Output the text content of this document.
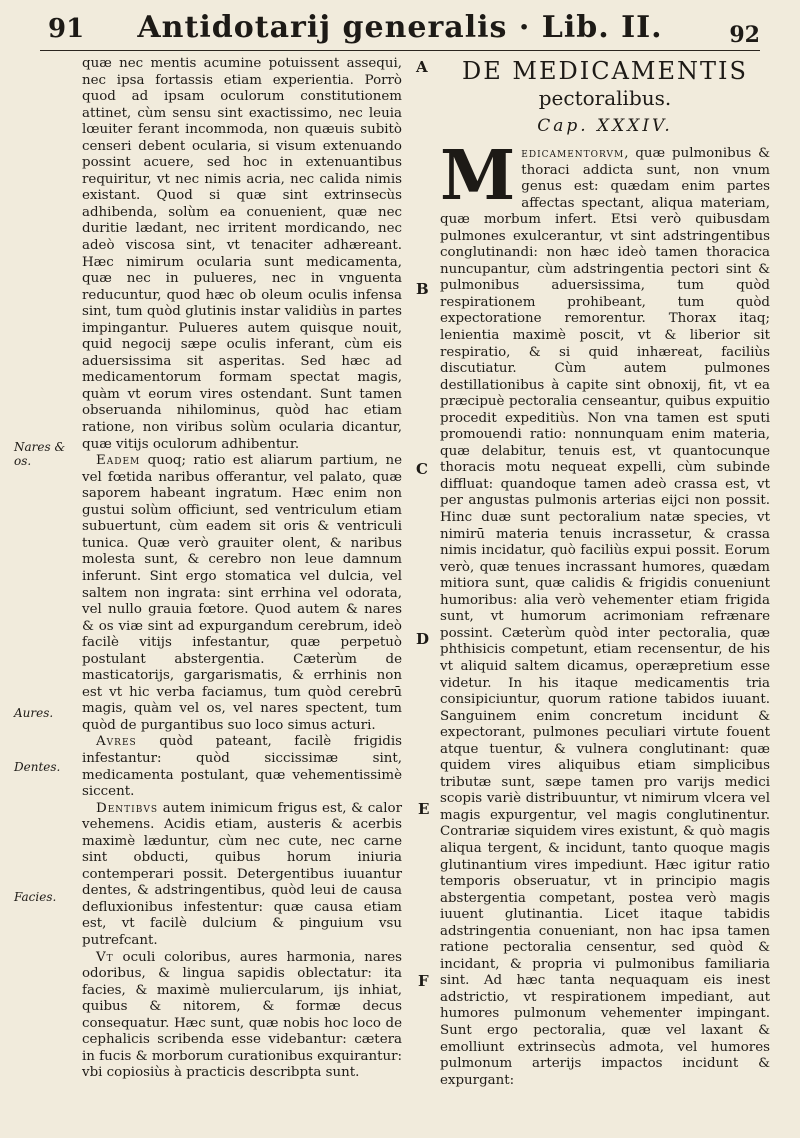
91	Antidotarij generalis · Lib. II.	92

quæ nec mentis acumine potuissent assequi, nec ipsa fortassis etiam experientia. Porrò quod ad ipsam oculorum constitutionem attinet, cùm sensu sint exactissimo, nec leuia lœuiter ferant incommoda, non quæuis subitò censeri debent ocularia, si visum extenuando possint acuere, sed hoc in extenuantibus requiritur, vt nec nimis acria, nec calida nimis existant. Quod si quæ sint extrinsecùs adhibenda, solùm ea conuenient, quæ nec duritie lædant, nec irritent mordicando, nec adeò viscosa sint, vt tenaciter adhæreant. Hæc nimirum ocularia sunt medicamenta, quæ nec in pulueres, nec in vnguenta reducuntur, quod hæc ob oleum oculis infensa sint, tum quòd glutinis instar validiùs in partes impingantur. Pulueres autem quisque nouit, quid negocij sæpe oculis inferant, cùm eis aduersissima sit asperitas. Sed hæc ad medicamentorum formam spectat magis, quàm vt eorum vires ostendant. Sunt tamen obseruanda nihilominus, quòd hac etiam ratione, non viribus solùm ocularia dicantur, quæ vitijs oculorum adhibentur.

Eadem quoq; ratio est aliarum partium, ne vel fœtida naribus offerantur, vel palato, quæ saporem habeant ingratum. Hæc enim non gustui solùm officiunt, sed ventriculum etiam subuertunt, cùm eadem sit oris & ventriculi tunica. Quæ verò grauiter olent, & naribus molesta sunt, & cerebro non leue damnum inferunt. Sint ergo stomatica vel dulcia, vel saltem non ingrata: sint errhina vel odorata, vel nullo grauia fœtore. Quod autem & nares & os viæ sint ad expurgandum cerebrum, ideò facilè vitijs infestantur, quæ perpetuò postulant abstergentia. Cæterùm de masticatorijs, gargarismatis, & errhinis non est vt hic verba faciamus, tum quòd cerebrū magis, quàm vel os, vel nares spectent, tum quòd de purgantibus suo loco simus acturi.

Avres quòd pateant, facilè frigidis infestantur: quòd siccissimæ sint, medicamenta postulant, quæ vehementissimè siccent.

Dentibvs autem inimicum frigus est, & calor vehemens. Acidis etiam, austeris & acerbis maximè læduntur, cùm nec cute, nec carne sint obducti, quibus horum iniuria contemperari possit. Detergentibus iuuantur dentes, & adstringentibus, quòd leui de causa defluxionibus infestentur: quæ causa etiam est, vt facilè dulcium & pinguium vsu putrefcant.

Vt oculi coloribus, aures harmonia, nares odoribus, & lingua sapidis oblectatur: ita facies, & maximè muliercularum, ijs inhiat, quibus & nitorem, & formæ decus consequatur. Hæc sunt, quæ nobis hoc loco de cephalicis scribenda esse videbantur: cætera in fucis & morborum curationibus exquirantur: vbi copiosiùs à practicis describpta sunt.

Nares & os.
Aures.
Dentes.
Facies.
A
B
C
D
E
F
DE MEDICAMENTIS
pectoralibus.
Cap. XXXIV.

Medicamentorvm, quæ pulmonibus & thoraci addicta sunt, non vnum genus est: quædam enim partes affectas spectant, aliqua materiam, quæ morbum infert. Etsi verò quibusdam pulmones exulcerantur, vt sint adstringentibus conglutinandi: non hæc ideò tamen thoracica nuncupantur, cùm adstringentia pectori sint & pulmonibus aduersissima, tum quòd respirationem prohibeant, tum quòd expectoratione remorentur. Thorax itaq; lenientia maximè poscit, vt & liberior sit respiratio, & si quid inhæreat, faciliùs discutiatur. Cùm autem pulmones destillationibus à capite sint obnoxij, fit, vt ea præcipuè pectoralia censeantur, quibus expuitio procedit expeditiùs. Non vna tamen est sputi promouendi ratio: nonnunquam enim materia, quæ delabitur, tenuis est, vt quantocunque thoracis motu nequeat expelli, cùm subinde diffluat: quandoque tamen adeò crassa est, vt per angustas pulmonis arterias eijci non possit. Hinc duæ sunt pectoralium natæ species, vt nimirū materia tenuis incrassetur, & crassa nimis incidatur, quò faciliùs expui possit. Eorum verò, quæ tenues incrassant humores, quædam mitiora sunt, quæ calidis & frigidis conueniunt humoribus: alia verò vehementer etiam frigida sunt, vt humorum acrimoniam refrænare possint. Cæterùm quòd inter pectoralia, quæ phthisicis competunt, etiam recensentur, de his vt aliquid saltem dicamus, operæpretium esse videtur. In his itaque medicamentis tria consipiciuntur, quorum ratione tabidos iuuant. Sanguinem enim concretum incidunt & expectorant, pulmones peculiari virtute fouent atque tuentur, & vulnera conglutinant: quæ quidem vires aliquibus etiam simplicibus tributæ sunt, sæpe tamen pro varijs medici scopis variè distribuuntur, vt nimirum vlcera vel magis expurgentur, vel magis conglutinentur. Contrariæ siquidem vires existunt, & quò magis aliqua tergent, & incidunt, tanto quoque magis glutinantium vires impediunt. Hæc igitur ratio temporis obseruatur, vt in principio magis abstergentia competant, postea verò magis iuuent glutinantia. Licet itaque tabidis adstringentia conueniant, non hac ipsa tamen ratione pectoralia censentur, sed quòd & incidant, & propria vi pulmonibus familiaria sint. Ad hæc tanta nequaquam eis inest adstrictio, vt respirationem impediant, aut humores pulmonum vehementer impingant. Sunt ergo pectoralia, quæ vel laxant & emolliunt extrinsecùs admota, vel humores pulmonum arterijs impactos incidunt & expurgant:
